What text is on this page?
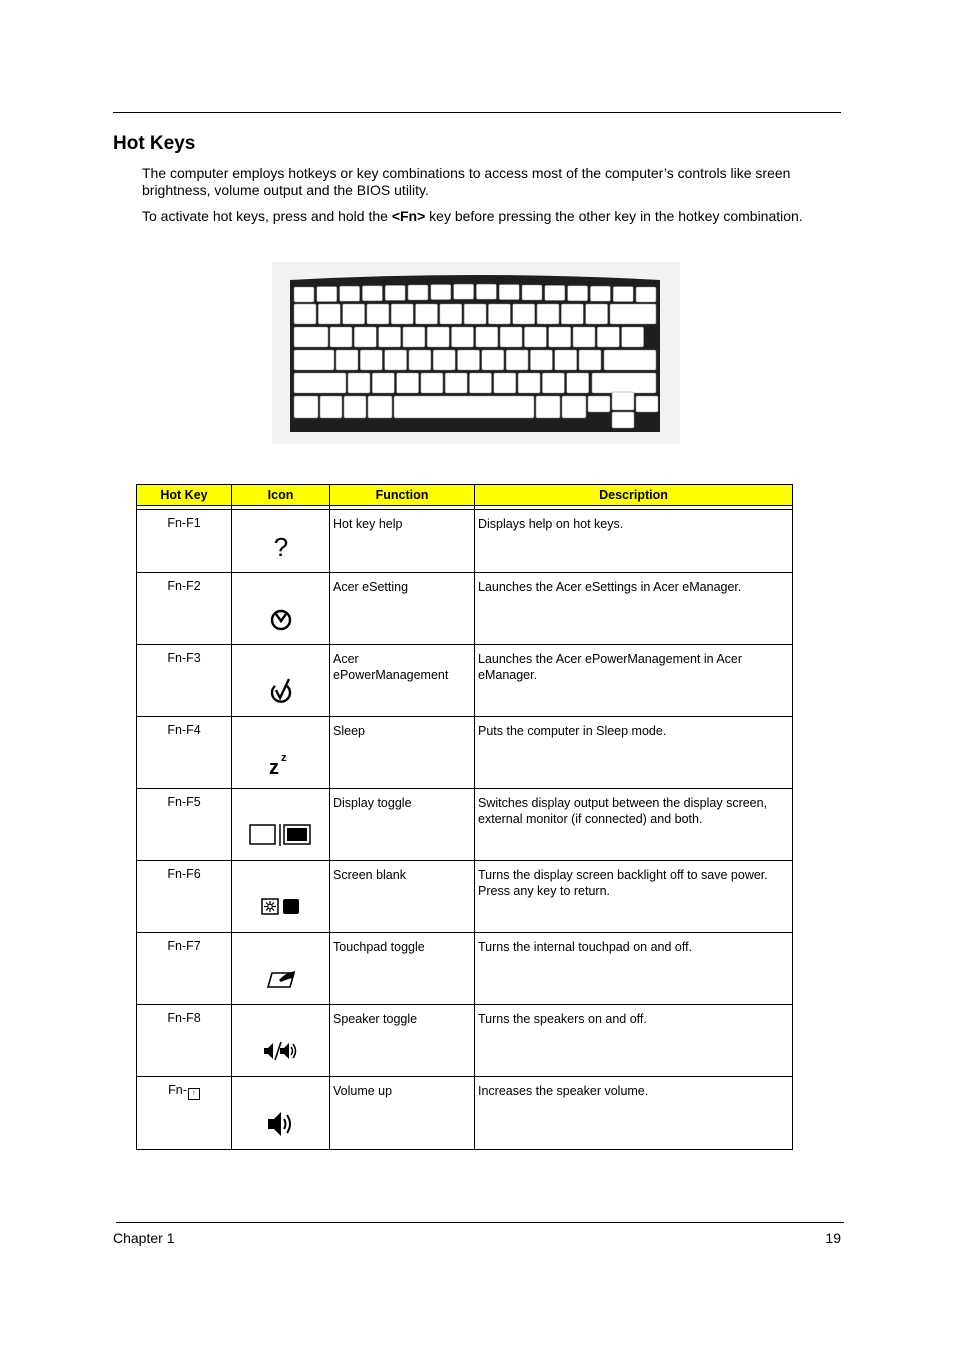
Hot Keys

The computer employs hotkeys or key combinations to access most of the computer’s controls like sreen brightness, volume output and the BIOS utility.

To activate hot keys, press and hold the <Fn> key before pressing the other key in the hotkey combination.

Fn
Hot Key	Icon	Function	Description

Fn-F1	?	Hot key help	Displays help on hot keys.
Fn-F2		Acer eSetting	Launches the Acer eSettings in Acer eManager.
Fn-F3		Acer ePowerManagement	Launches the Acer ePowerManagement in Acer eManager.
Fn-F4	z z	Sleep	Puts the computer in Sleep mode.
Fn-F5		Display toggle	Switches display output between the display screen, external monitor (if connected) and both.
Fn-F6		Screen blank	Turns the display screen backlight off to save power. Press any key to return.
Fn-F7		Touchpad toggle	Turns the internal touchpad on and off.
Fn-F8		Speaker toggle	Turns the speakers on and off.
Fn- ↑		Volume up	Increases the speaker volume.
Chapter 1	19
